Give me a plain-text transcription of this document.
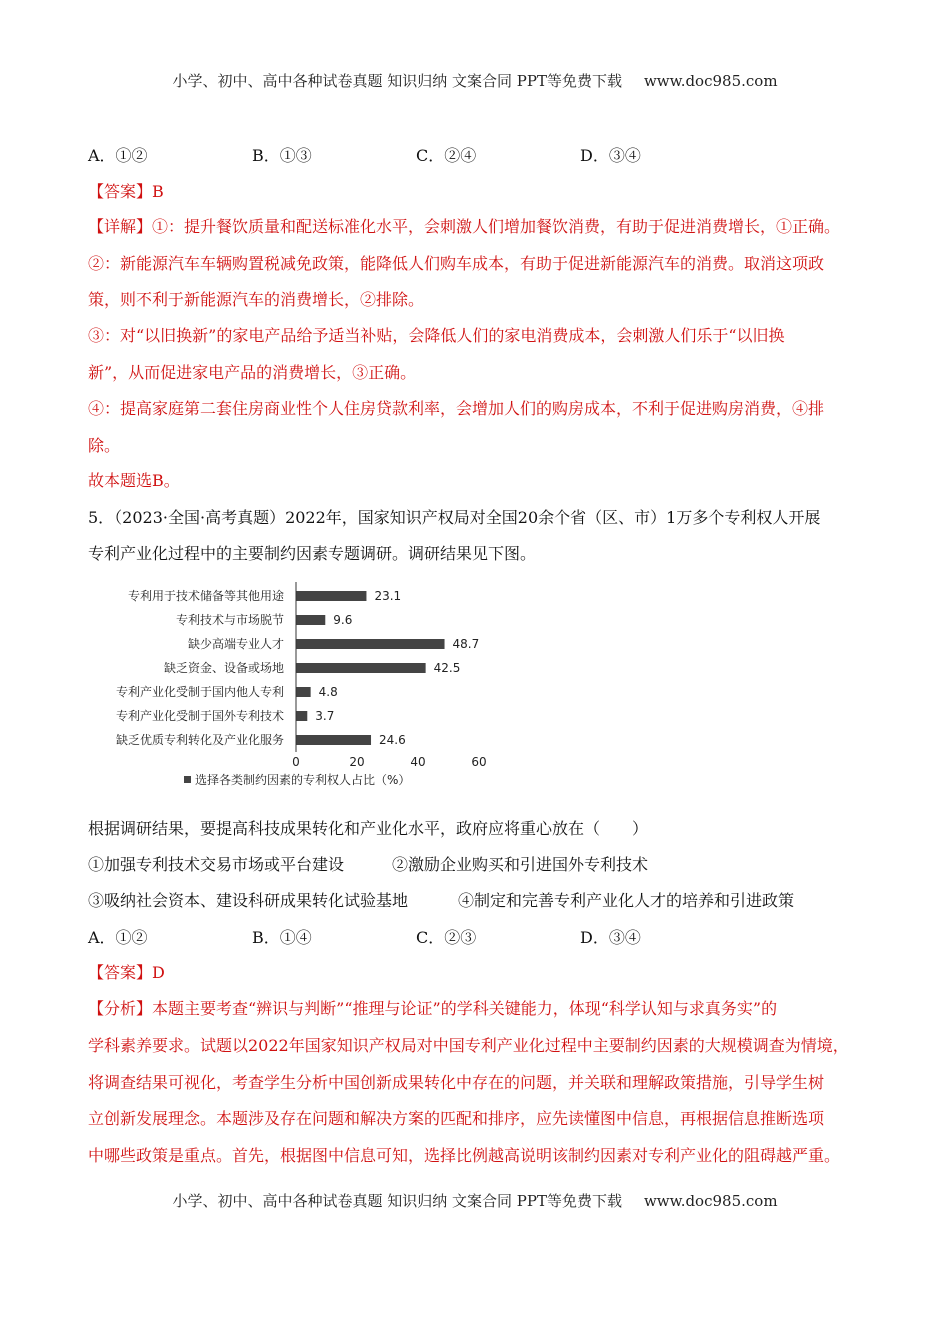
小学、初中、高中各种试卷真题 知识归纳 文案合同 PPT等免费下载 www.doc985.com
A．①②	B．①③	C．②④	D．③④
【答案】B
【详解】①：提升餐饮质量和配送标准化水平，会刺激人们增加餐饮消费，有助于促进消费增长，①正确。
②：新能源汽车车辆购置税减免政策，能降低人们购车成本，有助于促进新能源汽车的消费。取消这项政
策，则不利于新能源汽车的消费增长，②排除。
③：对“以旧换新”的家电产品给予适当补贴，会降低人们的家电消费成本，会刺激人们乐于“以旧换
新”，从而促进家电产品的消费增长，③正确。
④：提高家庭第二套住房商业性个人住房贷款利率，会增加人们的购房成本，不利于促进购房消费，④排
除。
故本题选B。
5．（2023·全国·高考真题）2022年，国家知识产权局对全国20余个省（区、市）1万多个专利权人开展
专利产业化过程中的主要制约因素专题调研。调研结果见下图。
专利用于技术储备等其他用途	23.1
专利技术与市场脱节	9.6
缺少高端专业人才	48.7
缺乏资金、设备或场地	42.5
专利产业化受制于国内他人专利	4.8
专利产业化受制于国外专利技术	3.7
缺乏优质专利转化及产业化服务	24.6
0	20	40	60
选择各类制约因素的专利权人占比（%）
根据调研结果，要提高科技成果转化和产业化水平，政府应将重心放在（　　）
①加强专利技术交易市场或平台建设	②激励企业购买和引进国外专利技术
③吸纳社会资本、建设科研成果转化试验基地	④制定和完善专利产业化人才的培养和引进政策
A．①②	B．①④	C．②③	D．③④
【答案】D
【分析】本题主要考查“辨识与判断”“推理与论证”的学科关键能力，体现“科学认知与求真务实”的
学科素养要求。试题以2022年国家知识产权局对中国专利产业化过程中主要制约因素的大规模调查为情境，
将调查结果可视化，考查学生分析中国创新成果转化中存在的问题，并关联和理解政策措施，引导学生树
立创新发展理念。本题涉及存在问题和解决方案的匹配和排序，应先读懂图中信息，再根据信息推断选项
中哪些政策是重点。首先，根据图中信息可知，选择比例越高说明该制约因素对专利产业化的阻碍越严重。
小学、初中、高中各种试卷真题 知识归纳 文案合同 PPT等免费下载 www.doc985.com
